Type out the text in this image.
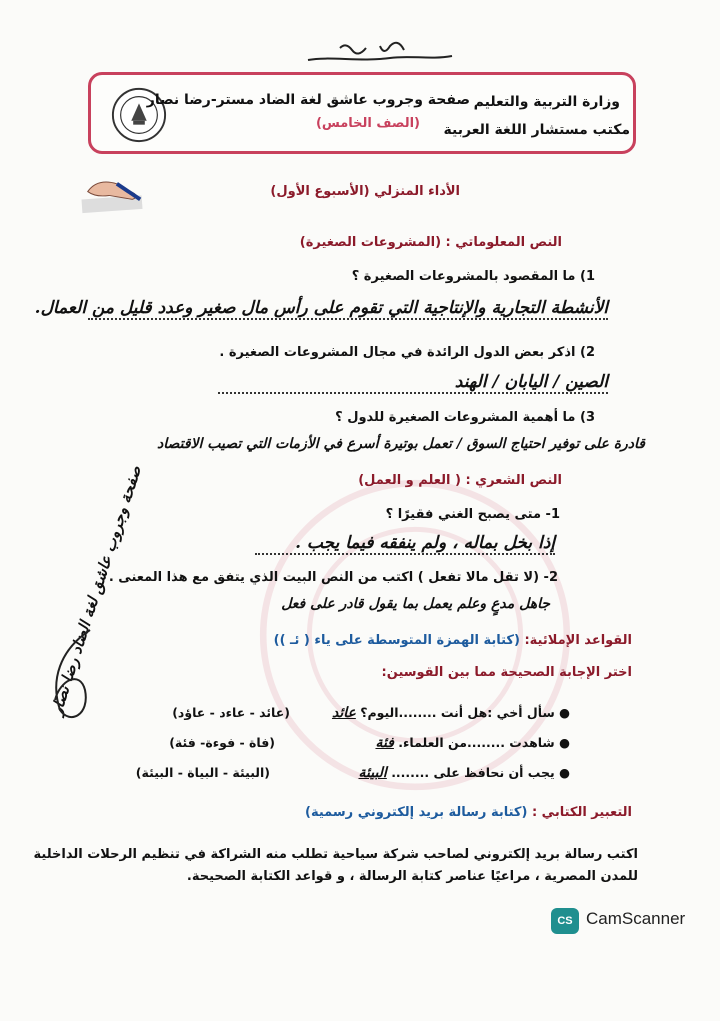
وزارة التربية والتعليم
مكتب مستشار اللغة العربية
صفحة وجروب عاشق لغة الضاد مستر-رضا نصار
(الصف الخامس)
الأداء المنزلي (الأسبوع الأول)
النص المعلوماتي : (المشروعات الصغيرة)
1) ما المقصود بالمشروعات الصغيرة ؟
الأنشطة التجارية والإنتاجية التي تقوم على رأس مال صغير وعدد قليل من العمال.
2) اذكر بعض الدول الرائدة في مجال المشروعات الصغيرة .
الصين / اليابان / الهند
3) ما أهمية المشروعات الصغيرة للدول ؟
قادرة على توفير احتياج السوق / تعمل بوتيرة أسرع في الأزمات التي تصيب الاقتصاد
النص الشعري : ( العلم و العمل)
1- متى يصبح الغني فقيرًا ؟
إذا بخل بماله ، ولم ينفقه فيما يجب .
2- (لا تقل مالا تفعل ) اكتب من النص البيت الذي يتفق مع هذا المعنى .
جاهل مدعٍ وعلم يعمل بما يقول قادر على فعل
القواعد الإملائية: (كتابة الهمزة المتوسطة على ياء ( ئـ ))
اختر الإجابة الصحيحة مما بين القوسين:
● سأل أخي :هل أنت ........اليوم؟ عائد
(عائد - عاءد - عاؤد)
● شاهدت ........من العلماء. فئة
(فاة - فوءة- فئة)
● يجب أن نحافظ على ........ البيئة
(البيئة - البياة - البيئة)
التعبير الكتابي : (كتابة رسالة بريد إلكتروني رسمية)
اكتب رسالة بريد إلكتروني لصاحب شركة سياحية تطلب منه الشراكة في تنظيم الرحلات الداخلية
للمدن المصرية ، مراعيًا عناصر كتابة الرسالة ، و قواعد الكتابة الصحيحة.
صفحة وجروب عاشق لغة الضاد رضا نصار
CS CamScanner
